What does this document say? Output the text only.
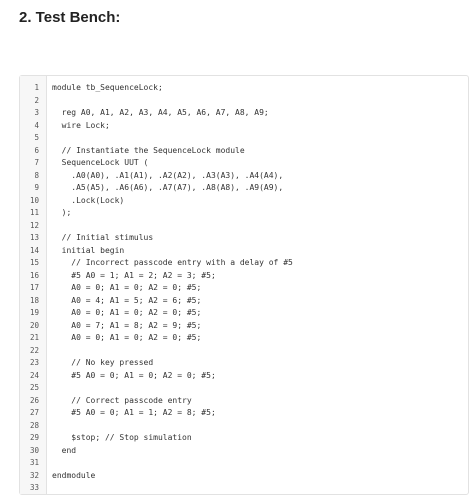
2. Test Bench:
1 module tb_SequenceLock;
2
3 reg A0, A1, A2, A3, A4, A5, A6, A7, A8, A9;
4 wire Lock;
5
6 // Instantiate the SequenceLock module
7 SequenceLock UUT (
8 .A0(A0), .A1(A1), .A2(A2), .A3(A3), .A4(A4),
9 .A5(A5), .A6(A6), .A7(A7), .A8(A8), .A9(A9),
10 .Lock(Lock)
11 );
12
13 // Initial stimulus
14 initial begin
15 // Incorrect passcode entry with a delay of #5
16 #5 A0 = 1; A1 = 2; A2 = 3; #5;
17 A0 = 0; A1 = 0; A2 = 0; #5;
18 A0 = 4; A1 = 5; A2 = 6; #5;
19 A0 = 0; A1 = 0; A2 = 0; #5;
20 A0 = 7; A1 = 8; A2 = 9; #5;
21 A0 = 0; A1 = 0; A2 = 0; #5;
22
23 // No key pressed
24 #5 A0 = 0; A1 = 0; A2 = 0; #5;
25
26 // Correct passcode entry
27 #5 A0 = 0; A1 = 1; A2 = 8; #5;
28
29 $stop; // Stop simulation
30 end
31
32 endmodule
33
